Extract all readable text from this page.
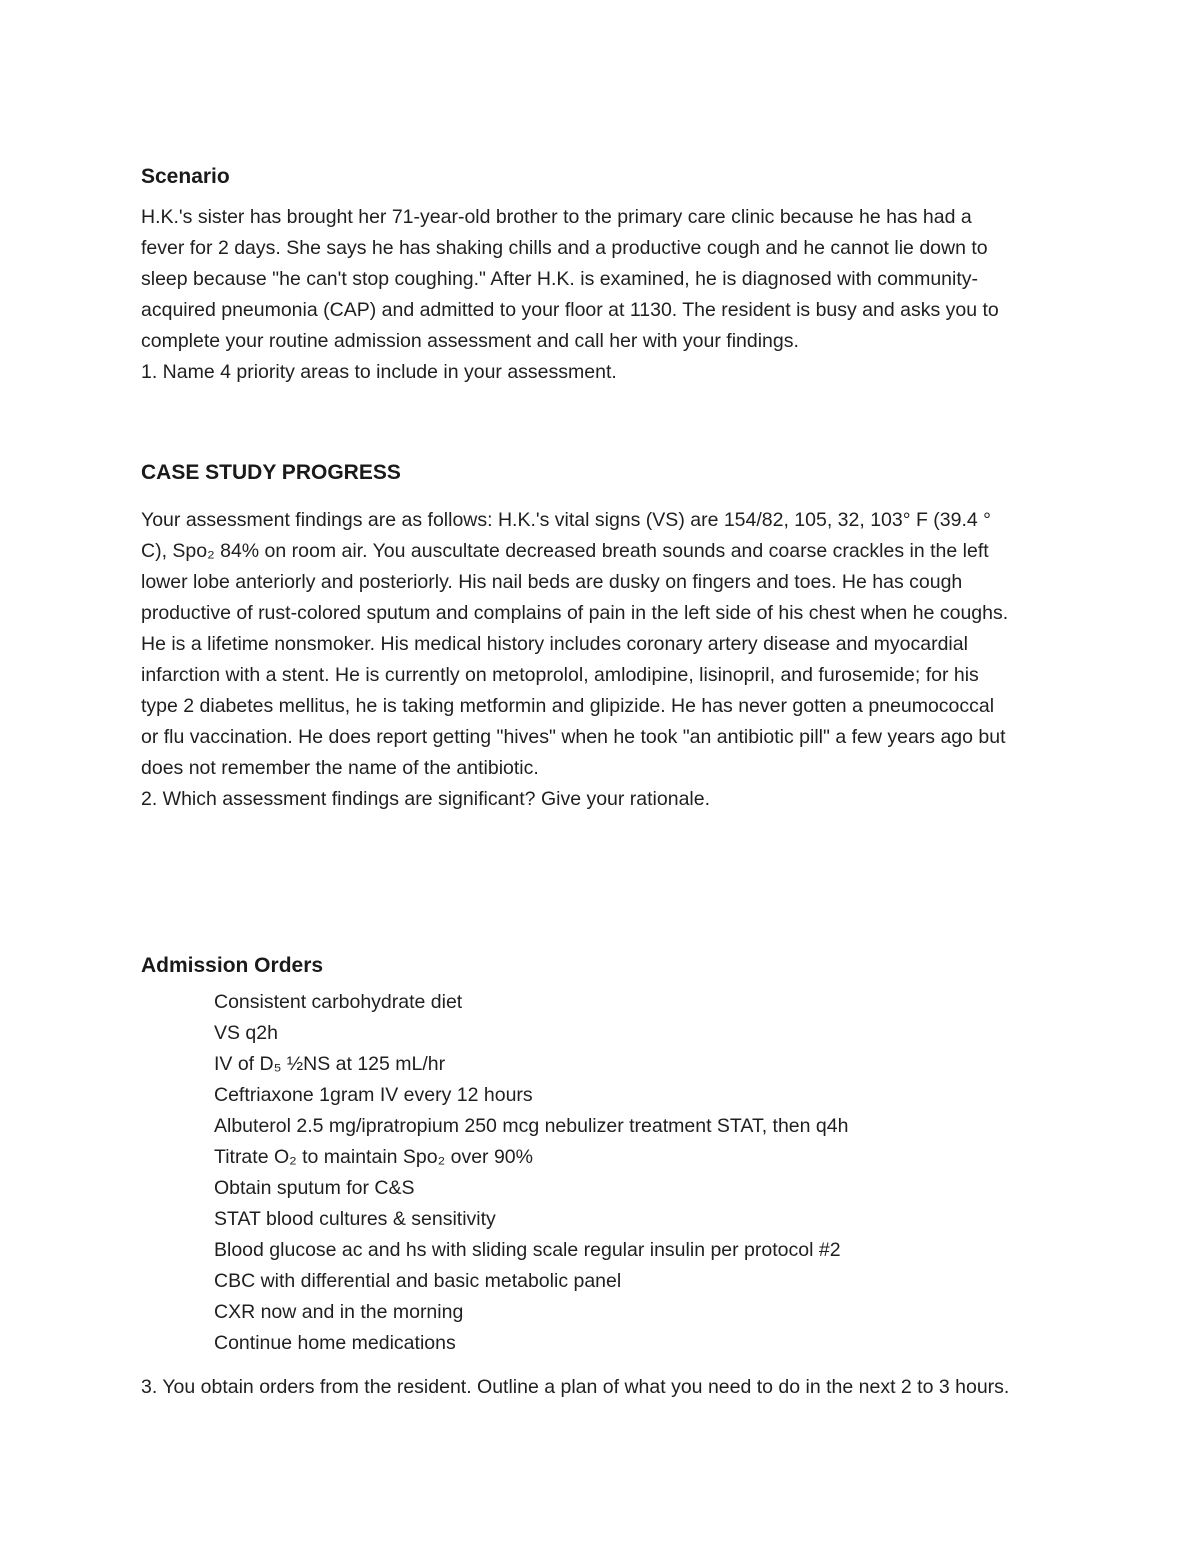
Scenario

H.K.'s sister has brought her 71-year-old brother to the primary care clinic because he has had a

fever for 2 days. She says he has shaking chills and a productive cough and he cannot lie down to

sleep because "he can't stop coughing." After H.K. is examined, he is diagnosed with community-

acquired pneumonia (CAP) and admitted to your floor at 1130. The resident is busy and asks you to

complete your routine admission assessment and call her with your findings.

1. Name 4 priority areas to include in your assessment.

CASE STUDY PROGRESS

Your assessment findings are as follows: H.K.'s vital signs (VS) are 154/82, 105, 32, 103° F (39.4 °

C), Spo₂ 84% on room air. You auscultate decreased breath sounds and coarse crackles in the left

lower lobe anteriorly and posteriorly. His nail beds are dusky on fingers and toes. He has cough

productive of rust-colored sputum and complains of pain in the left side of his chest when he coughs.

He is a lifetime nonsmoker. His medical history includes coronary artery disease and myocardial

infarction with a stent. He is currently on metoprolol, amlodipine, lisinopril, and furosemide; for his

type 2 diabetes mellitus, he is taking metformin and glipizide. He has never gotten a pneumococcal

or flu vaccination. He does report getting "hives" when he took "an antibiotic pill" a few years ago but

does not remember the name of the antibiotic.

2. Which assessment findings are significant? Give your rationale.

Admission Orders
Consistent carbohydrate diet
VS q2h
IV of D₅ ½NS at 125 mL/hr
Ceftriaxone 1gram IV every 12 hours
Albuterol 2.5 mg/ipratropium 250 mcg nebulizer treatment STAT, then q4h
Titrate O₂ to maintain Spo₂ over 90%
Obtain sputum for C&S
STAT blood cultures & sensitivity
Blood glucose ac and hs with sliding scale regular insulin per protocol #2
CBC with differential and basic metabolic panel
CXR now and in the morning
Continue home medications

3. You obtain orders from the resident. Outline a plan of what you need to do in the next 2 to 3 hours.
